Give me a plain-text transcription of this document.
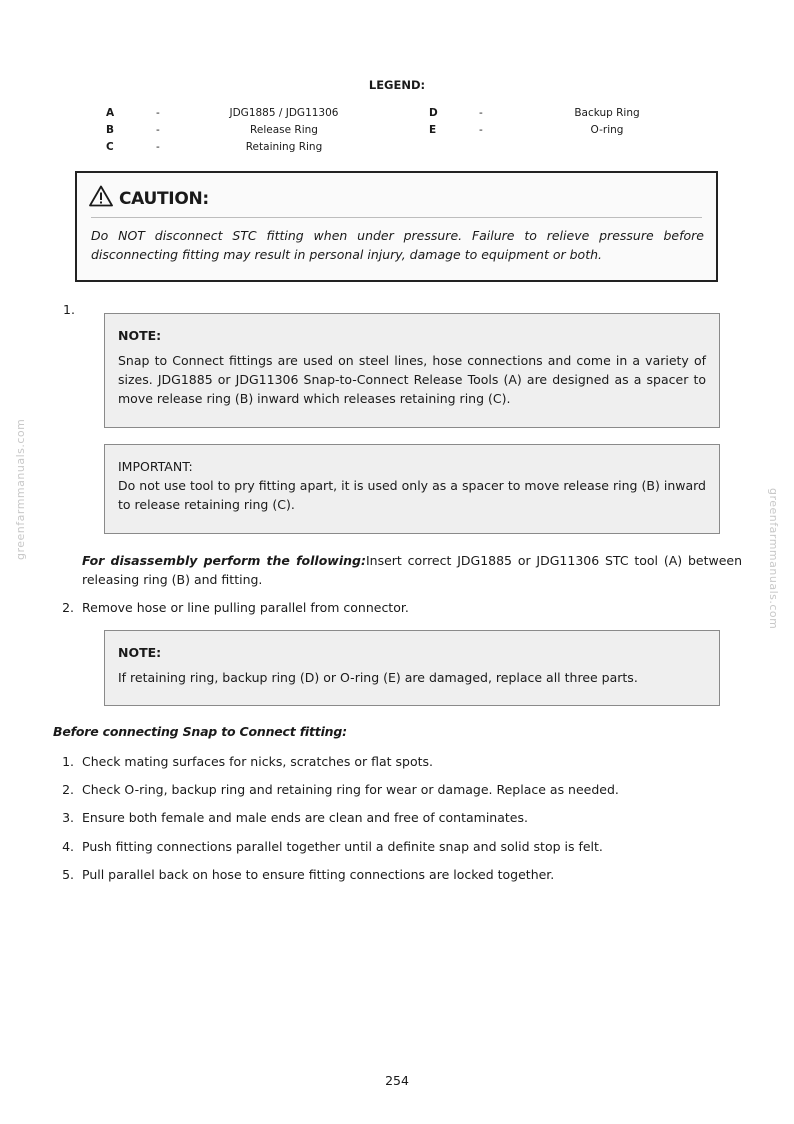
LEGEND:
A	-	JDG1885 / JDG11306
B	-	Release Ring
C	-	Retaining Ring
D	-	Backup Ring
E	-	O-ring
CAUTION:
Do NOT disconnect STC fitting when under pressure. Failure to relieve pressure before disconnecting fitting may result in personal injury, damage to equipment or both.
1.

NOTE:

Snap to Connect fittings are used on steel lines, hose connections and come in a variety of sizes. JDG1885 or JDG11306 Snap-to-Connect Release Tools (A) are designed as a spacer to move release ring (B) inward which releases retaining ring (C).

IMPORTANT:

Do not use tool to pry fitting apart, it is used only as a spacer to move release ring (B) inward to release retaining ring (C).

For disassembly perform the following:Insert correct JDG1885 or JDG11306 STC tool (A) between releasing ring (B) and fitting.
2. Remove hose or line pulling parallel from connector.

NOTE:

If retaining ring, backup ring (D) or O-ring (E) are damaged, replace all three parts.

Before connecting Snap to Connect fitting:
1. Check mating surfaces for nicks, scratches or flat spots.
2. Check O-ring, backup ring and retaining ring for wear or damage. Replace as needed.
3. Ensure both female and male ends are clean and free of contaminates.
4. Push fitting connections parallel together until a definite snap and solid stop is felt.
5. Pull parallel back on hose to ensure fitting connections are locked together.
greenfarmmanuals.com	greenfarmmanuals.com
254
